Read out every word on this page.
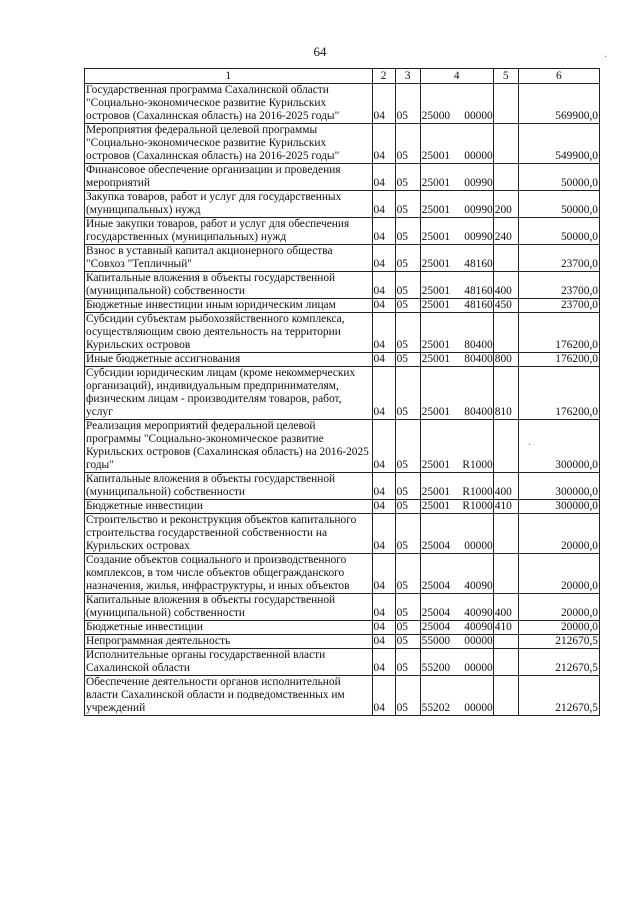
64
1	2	3	4		5	6
Государственная программа Сахалинской области "Социально-экономическое развитие Курильских островов (Сахалинская область) на 2016-2025 годы"	04	05	25000	00000		569900,0
Мероприятия федеральной целевой программы "Социально-экономическое развитие Курильских островов (Сахалинская область) на 2016-2025 годы"	04	05	25001	00000		549900,0
Финансовое обеспечение организации и проведения мероприятий	04	05	25001	00990		50000,0
Закупка товаров, работ и услуг для государственных (муниципальных) нужд	04	05	25001	00990	200	50000,0
Иные закупки товаров, работ и услуг для обеспечения государственных (муниципальных) нужд	04	05	25001	00990	240	50000,0
Взнос в уставный капитал акционерного общества "Совхоз "Тепличный"	04	05	25001	48160		23700,0
Капитальные вложения в объекты государственной (муниципальной) собственности	04	05	25001	48160	400	23700,0
Бюджетные инвестиции иным юридическим лицам	04	05	25001	48160	450	23700,0
Субсидии субъектам рыбохозяйственного комплекса, осуществляющим свою деятельность на территории Курильских островов	04	05	25001	80400		176200,0
Иные бюджетные ассигнования	04	05	25001	80400	800	176200,0
Субсидии юридическим лицам (кроме некоммерческих организаций), индивидуальным предпринимателям, физическим лицам - производителям товаров, работ, услуг	04	05	25001	80400	810	176200,0
Реализация мероприятий федеральной целевой программы "Социально-экономическое развитие Курильских островов (Сахалинская область) на 2016-2025 годы"	04	05	25001	R1000		300000,0
Капитальные вложения в объекты государственной (муниципальной) собственности	04	05	25001	R1000	400	300000,0
Бюджетные инвестиции	04	05	25001	R1000	410	300000,0
Строительство и реконструкция объектов капитального строительства государственной собственности на Курильских островах	04	05	25004	00000		20000,0
Создание объектов социального и производственного комплексов, в том числе объектов общегражданского назначения, жилья, инфраструктуры, и иных объектов	04	05	25004	40090		20000,0
Капитальные вложения в объекты государственной (муниципальной) собственности	04	05	25004	40090	400	20000,0
Бюджетные инвестиции	04	05	25004	40090	410	20000,0
Непрограммная деятельность	04	05	55000	00000		212670,5
Исполнительные органы государственной власти Сахалинской области	04	05	55200	00000		212670,5
Обеспечение деятельности органов исполнительной власти Сахалинской области и подведомственных им учреждений	04	05	55202	00000		212670,5
·
·
